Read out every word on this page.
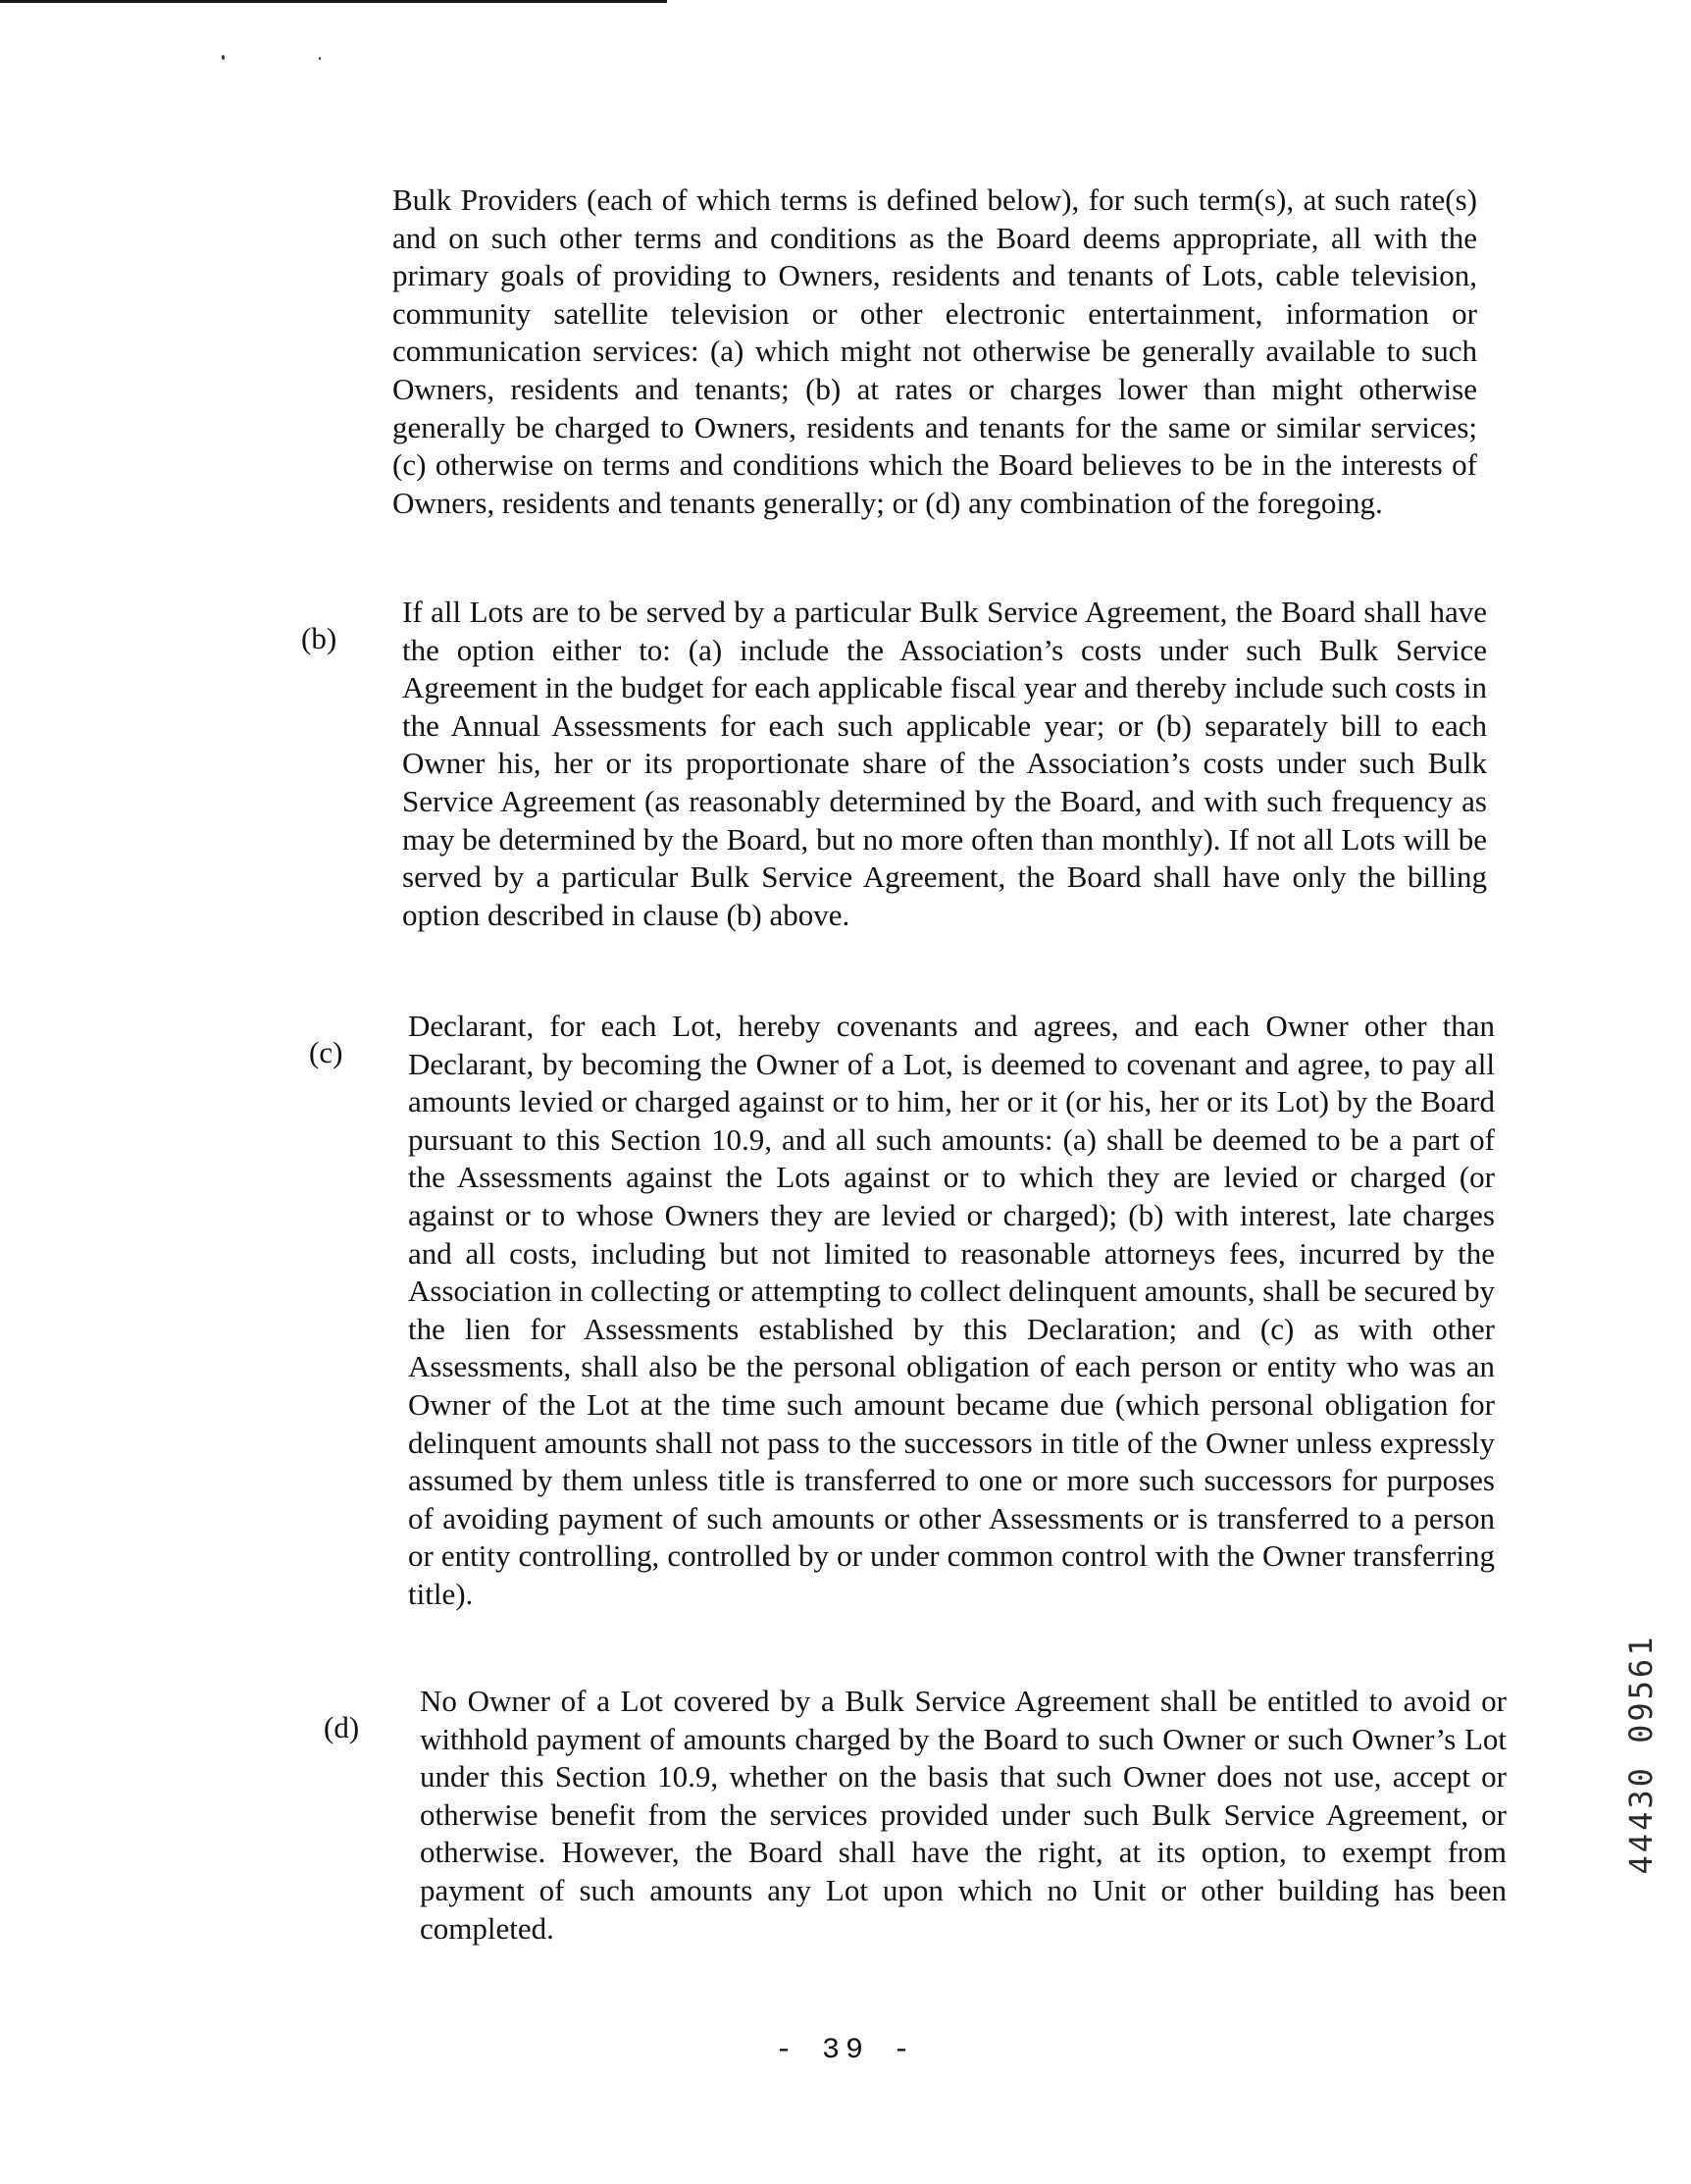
Bulk Providers (each of which terms is defined below), for such term(s), at such rate(s) and on such other terms and conditions as the Board deems appropriate, all with the primary goals of providing to Owners, residents and tenants of Lots, cable television, community satellite television or other electronic entertainment, information or communication services: (a) which might not otherwise be generally available to such Owners, residents and tenants; (b) at rates or charges lower than might otherwise generally be charged to Owners, residents and tenants for the same or similar services; (c) otherwise on terms and conditions which the Board believes to be in the interests of Owners, residents and tenants generally; or (d) any combination of the foregoing.
(b)
If all Lots are to be served by a particular Bulk Service Agreement, the Board shall have the option either to: (a) include the Association’s costs under such Bulk Service Agreement in the budget for each applicable fiscal year and thereby include such costs in the Annual Assessments for each such applicable year; or (b) separately bill to each Owner his, her or its proportionate share of the Association’s costs under such Bulk Service Agreement (as reasonably determined by the Board, and with such frequency as may be determined by the Board, but no more often than monthly). If not all Lots will be served by a particular Bulk Service Agreement, the Board shall have only the billing option described in clause (b) above.
(c)
Declarant, for each Lot, hereby covenants and agrees, and each Owner other than Declarant, by becoming the Owner of a Lot, is deemed to covenant and agree, to pay all amounts levied or charged against or to him, her or it (or his, her or its Lot) by the Board pursuant to this Section 10.9, and all such amounts: (a) shall be deemed to be a part of the Assessments against the Lots against or to which they are levied or charged (or against or to whose Owners they are levied or charged); (b) with interest, late charges and all costs, including but not limited to reasonable attorneys fees, incurred by the Association in collecting or attempting to collect delinquent amounts, shall be secured by the lien for Assessments established by this Declaration; and (c) as with other Assessments, shall also be the personal obligation of each person or entity who was an Owner of the Lot at the time such amount became due (which personal obligation for delinquent amounts shall not pass to the successors in title of the Owner unless expressly assumed by them unless title is transferred to one or more such successors for purposes of avoiding payment of such amounts or other Assessments or is transferred to a person or entity controlling, controlled by or under common control with the Owner transferring title).
(d)
No Owner of a Lot covered by a Bulk Service Agreement shall be entitled to avoid or withhold payment of amounts charged by the Board to such Owner or such Owner’s Lot under this Section 10.9, whether on the basis that such Owner does not use, accept or otherwise benefit from the services provided under such Bulk Service Agreement, or otherwise. However, the Board shall have the right, at its option, to exempt from payment of such amounts any Lot upon which no Unit or other building has been completed.
- 39 -
44430 09561
